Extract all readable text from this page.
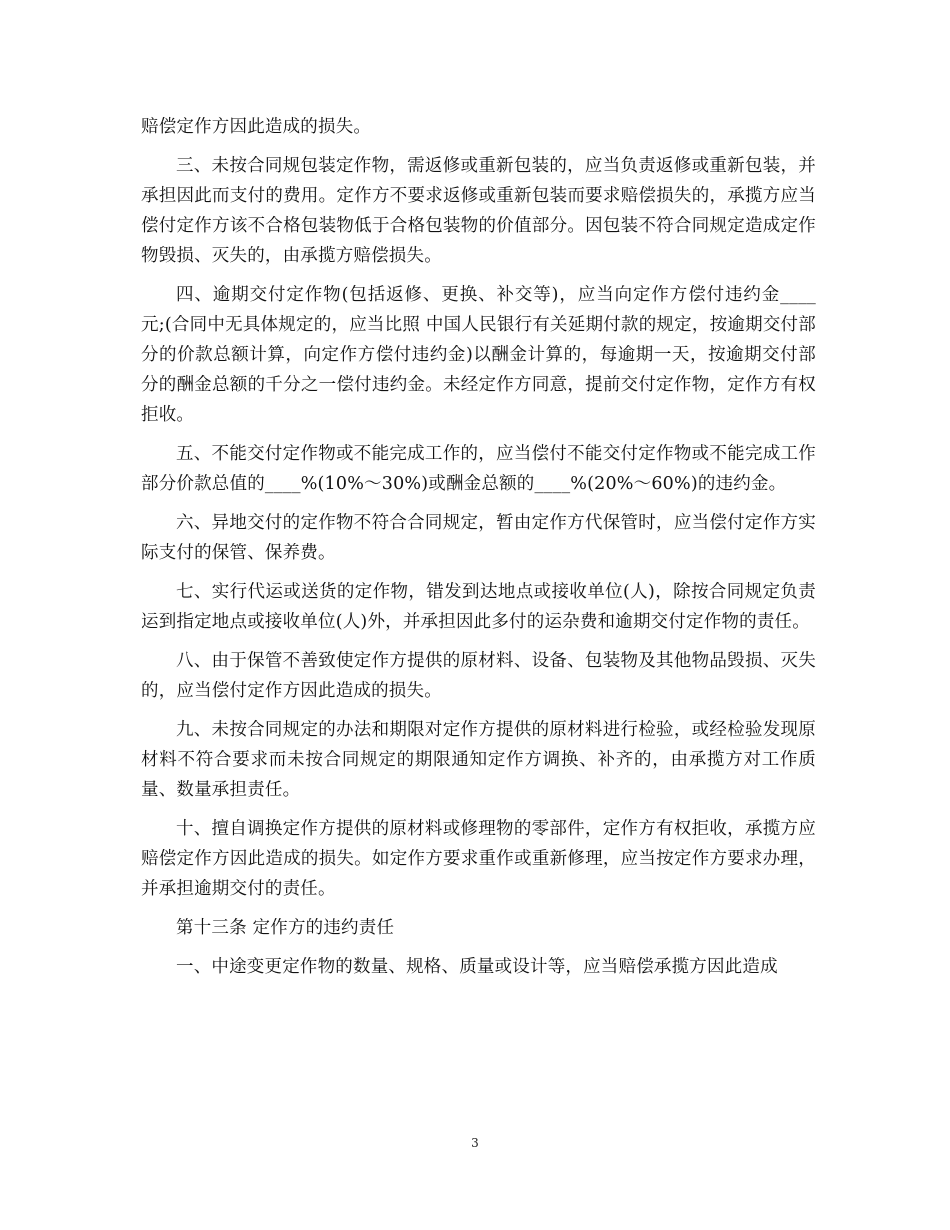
赔偿定作方因此造成的损失。

三、未按合同规包装定作物，需返修或重新包装的，应当负责返修或重新包装，并承担因此而支付的费用。定作方不要求返修或重新包装而要求赔偿损失的，承揽方应当偿付定作方该不合格包装物低于合格包装物的价值部分。因包装不符合同规定造成定作物毁损、灭失的，由承揽方赔偿损失。

四、逾期交付定作物(包括返修、更换、补交等)，应当向定作方偿付违约金____ 元;(合同中无具体规定的，应当比照 中国人民银行有关延期付款的规定，按逾期交付部分的价款总额计算，向定作方偿付违约金)以酬金计算的，每逾期一天，按逾期交付部分的酬金总额的千分之一偿付违约金。未经定作方同意，提前交付定作物，定作方有权拒收。

五、不能交付定作物或不能完成工作的，应当偿付不能交付定作物或不能完成工作部分价款总值的____%(10%～30%)或酬金总额的____%(20%～60%)的违约金。

六、异地交付的定作物不符合合同规定，暂由定作方代保管时，应当偿付定作方实际支付的保管、保养费。

七、实行代运或送货的定作物，错发到达地点或接收单位(人)，除按合同规定负责运到指定地点或接收单位(人)外，并承担因此多付的运杂费和逾期交付定作物的责任。

八、由于保管不善致使定作方提供的原材料、设备、包装物及其他物品毁损、灭失的，应当偿付定作方因此造成的损失。

九、未按合同规定的办法和期限对定作方提供的原材料进行检验，或经检验发现原材料不符合要求而未按合同规定的期限通知定作方调换、补齐的，由承揽方对工作质量、数量承担责任。

十、擅自调换定作方提供的原材料或修理物的零部件，定作方有权拒收，承揽方应赔偿定作方因此造成的损失。如定作方要求重作或重新修理，应当按定作方要求办理，并承担逾期交付的责任。

第十三条 定作方的违约责任

一、中途变更定作物的数量、规格、质量或设计等，应当赔偿承揽方因此造成

3
